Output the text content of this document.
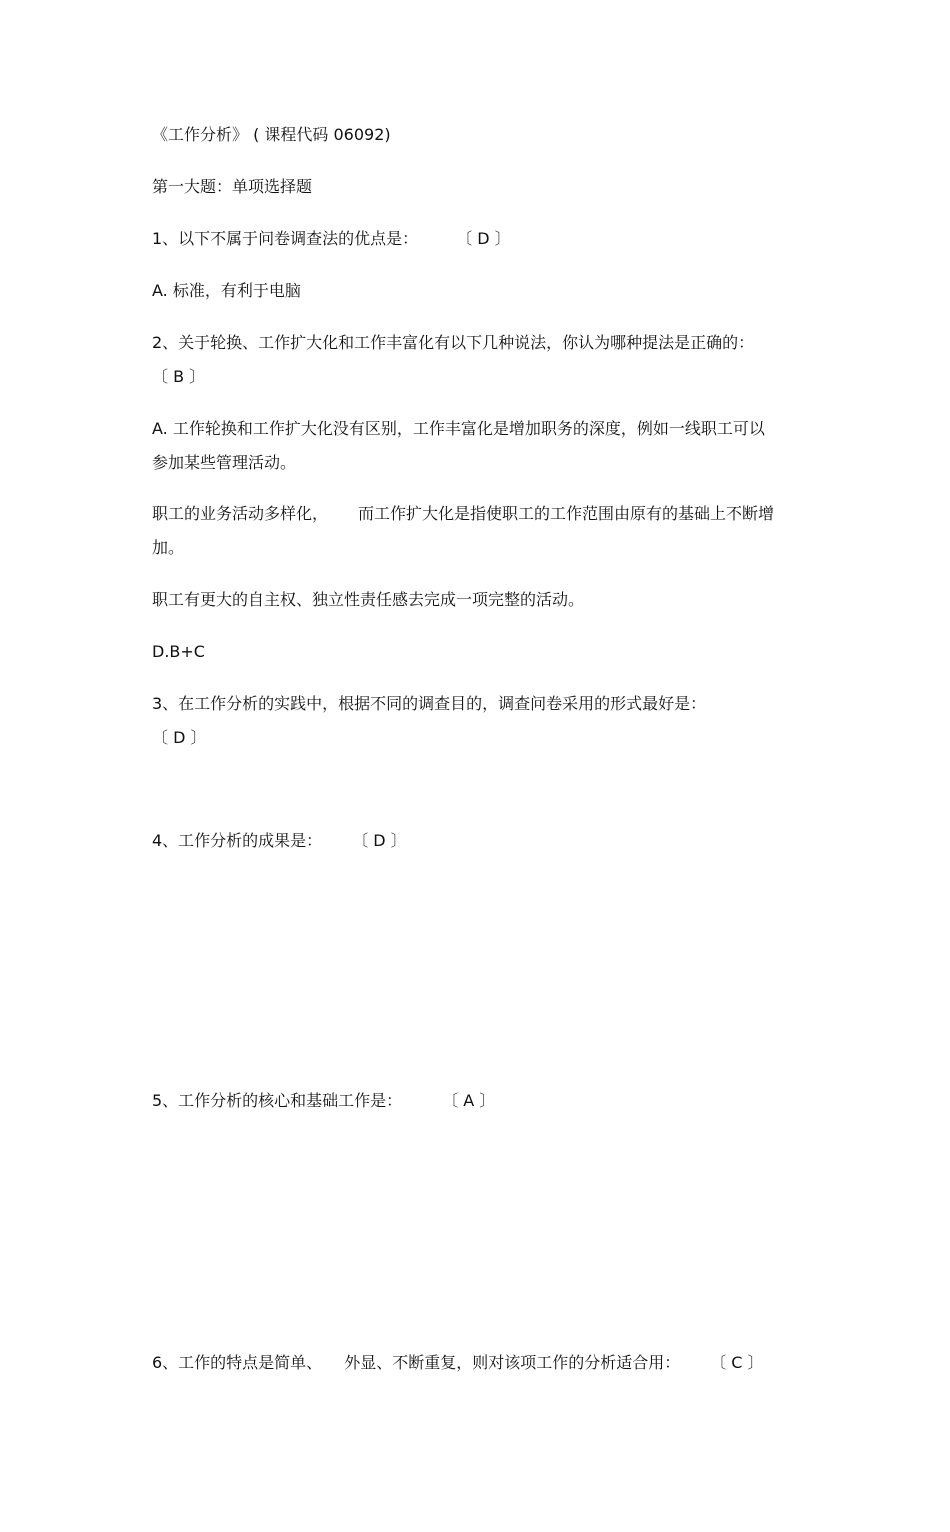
《工作分析》 ( 课程代码 06092)

第一大题：单项选择题

1、以下不属于问卷调查法的优点是： 〔 D 〕

A. 标准，有利于电脑

2、关于轮换、工作扩大化和工作丰富化有以下几种说法，你认为哪种提法是正确的： 〔 B 〕

A. 工作轮换和工作扩大化没有区别，工作丰富化是增加职务的深度，例如一线职工可以参加某些管理活动。

职工的业务活动多样化， 而工作扩大化是指使职工的工作范围由原有的基础上不断增加。

职工有更大的自主权、独立性责任感去完成一项完整的活动。

D.B+C

3、在工作分析的实践中，根据不同的调查目的，调查问卷采用的形式最好是：
〔 D 〕

4、工作分析的成果是： 〔 D 〕

5、工作分析的核心和基础工作是：	〔 A 〕

6、工作的特点是简单、 外显、不断重复，则对该项工作的分析适合用： 〔 C 〕
